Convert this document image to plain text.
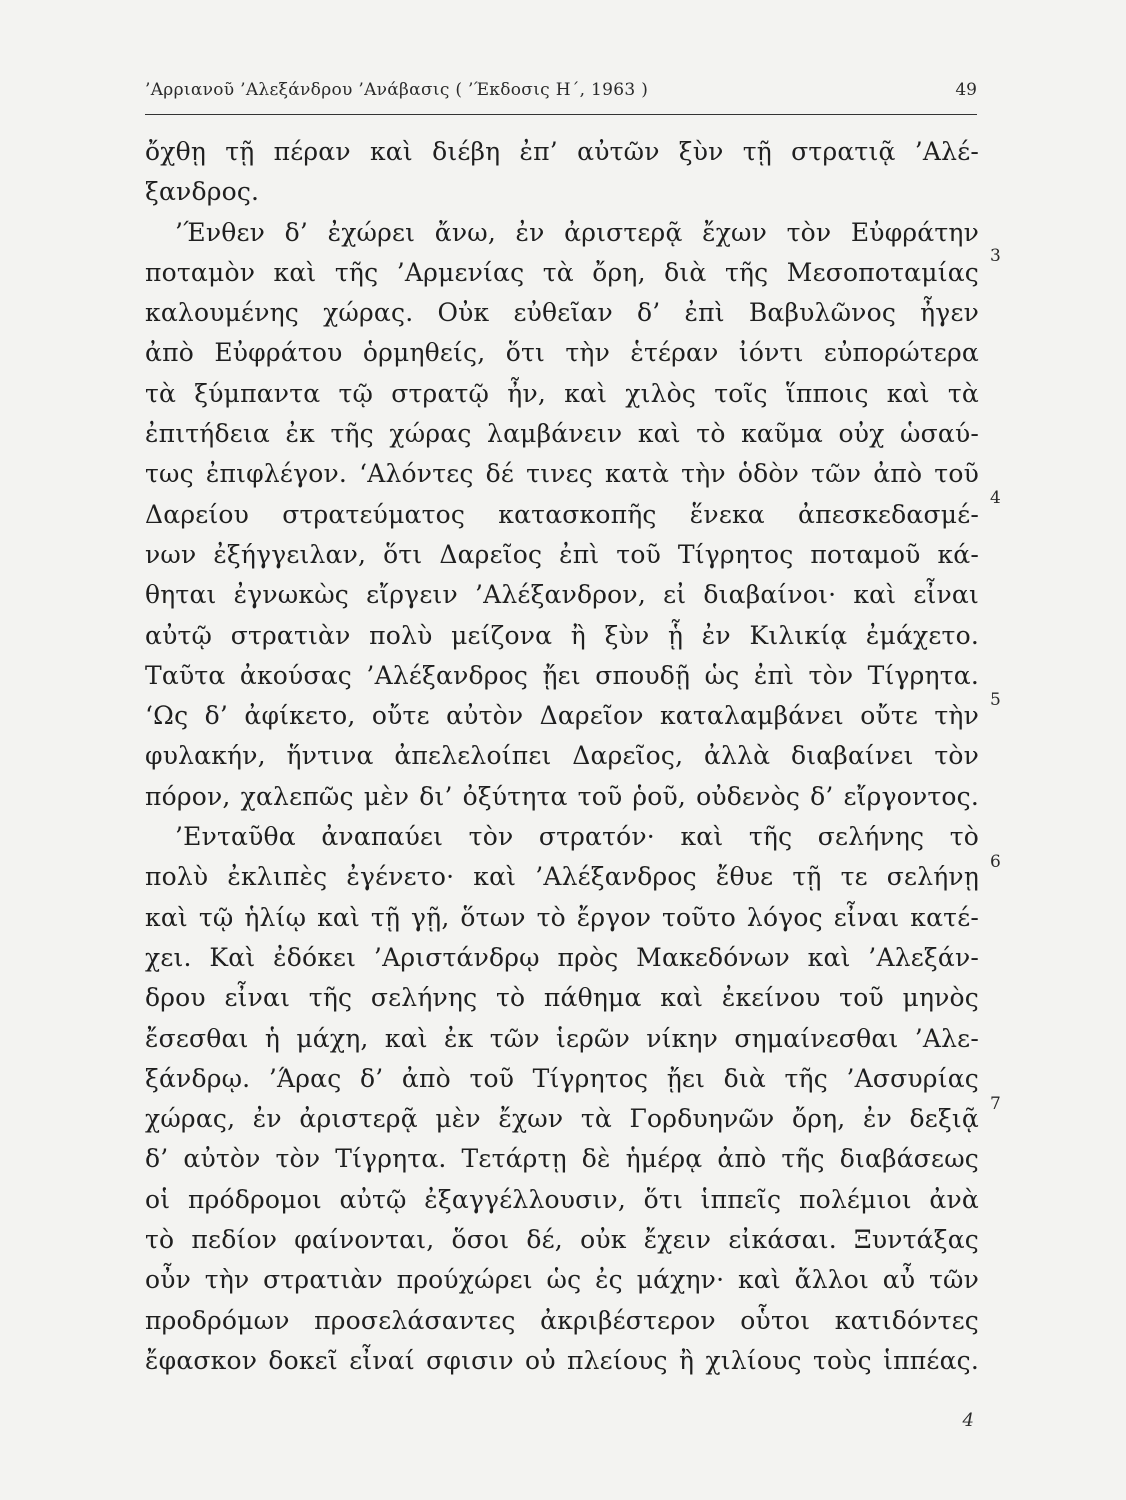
’Αρριανοῦ ’Αλεξάνδρου ’Ανάβασις ( ’Έκδοσις Η΄, 1963 )	49
ὄχθῃ τῇ πέραν καὶ διέβη ἐπ’ αὐτῶν ξὺν τῇ στρατιᾷ ’Αλέ-
ξανδρος.
’Ένθεν δ’ ἐχώρει ἄνω, ἐν ἀριστερᾷ ἔχων τὸν Εὐφράτην
ποταμὸν καὶ τῆς ’Αρμενίας τὰ ὄρη, διὰ τῆς Μεσοποταμίας
καλουμένης χώρας. Οὐκ εὐθεῖαν δ’ ἐπὶ Βαβυλῶνος ἦγεν
ἀπὸ Εὐφράτου ὁρμηθείς, ὅτι τὴν ἑτέραν ἰόντι εὐπορώτερα
τὰ ξύμπαντα τῷ στρατῷ ἦν, καὶ χιλὸς τοῖς ἵπποις καὶ τὰ
ἐπιτήδεια ἐκ τῆς χώρας λαμβάνειν καὶ τὸ καῦμα οὐχ ὡσαύ-
τως ἐπιφλέγον. ‘Αλόντες δέ τινες κατὰ τὴν ὁδὸν τῶν ἀπὸ τοῦ
Δαρείου στρατεύματος κατασκοπῆς ἕνεκα ἀπεσκεδασμέ-
νων ἐξήγγειλαν, ὅτι Δαρεῖος ἐπὶ τοῦ Τίγρητος ποταμοῦ κά-
θηται ἐγνωκὼς εἴργειν ’Αλέξανδρον, εἰ διαβαίνοι· καὶ εἶναι
αὐτῷ στρατιὰν πολὺ μείζονα ἢ ξὺν ᾗ ἐν Κιλικίᾳ ἐμάχετο.
Ταῦτα ἀκούσας ’Αλέξανδρος ᾔει σπουδῇ ὡς ἐπὶ τὸν Τίγρητα.
‘Ως δ’ ἀφίκετο, οὔτε αὐτὸν Δαρεῖον καταλαμβάνει οὔτε τὴν
φυλακήν, ἥντινα ἀπελελοίπει Δαρεῖος, ἀλλὰ διαβαίνει τὸν
πόρον, χαλεπῶς μὲν δι’ ὀξύτητα τοῦ ῥοῦ, οὐδενὸς δ’ εἴργοντος.
’Ενταῦθα ἀναπαύει τὸν στρατόν· καὶ τῆς σελήνης τὸ
πολὺ ἐκλιπὲς ἐγένετο· καὶ ’Αλέξανδρος ἔθυε τῇ τε σελήνῃ
καὶ τῷ ἡλίῳ καὶ τῇ γῇ, ὅτων τὸ ἔργον τοῦτο λόγος εἶναι κατέ-
χει. Καὶ ἐδόκει ’Αριστάνδρῳ πρὸς Μακεδόνων καὶ ’Αλεξάν-
δρου εἶναι τῆς σελήνης τὸ πάθημα καὶ ἐκείνου τοῦ μηνὸς
ἔσεσθαι ἡ μάχη, καὶ ἐκ τῶν ἱερῶν νίκην σημαίνεσθαι ’Αλε-
ξάνδρῳ. ’Άρας δ’ ἀπὸ τοῦ Τίγρητος ᾔει διὰ τῆς ’Ασσυρίας
χώρας, ἐν ἀριστερᾷ μὲν ἔχων τὰ Γορδυηνῶν ὄρη, ἐν δεξιᾷ
δ’ αὐτὸν τὸν Τίγρητα. Τετάρτῃ δὲ ἡμέρᾳ ἀπὸ τῆς διαβάσεως
οἱ πρόδρομοι αὐτῷ ἐξαγγέλλουσιν, ὅτι ἱππεῖς πολέμιοι ἀνὰ
τὸ πεδίον φαίνονται, ὅσοι δέ, οὐκ ἔχειν εἰκάσαι. Ξυντάξας
οὖν τὴν στρατιὰν προύχώρει ὡς ἐς μάχην· καὶ ἄλλοι αὖ τῶν
προδρόμων προσελάσαντες ἀκριβέστερον οὗτοι κατιδόντες
ἔφασκον δοκεῖ εἶναί σφισιν οὐ πλείους ἢ χιλίους τοὺς ἱππέας.
3
4
5
6
7
4
